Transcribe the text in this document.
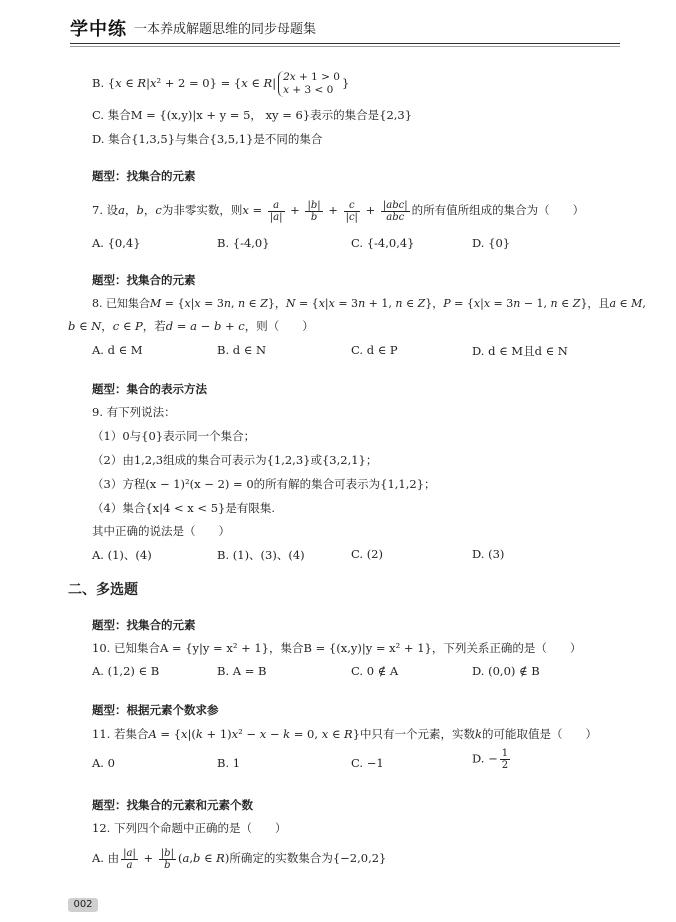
学中练 一本养成解题思维的同步母题集
B. {x ∈ R|x² + 2 = 0} = {x ∈ R| 2x + 1 > 0
x + 3 < 0 }
C. 集合M = {(x,y)|x + y = 5， xy = 6}表示的集合是{2,3}
D. 集合{1,3,5}与集合{3,5,1}是不同的集合
题型：找集合的元素
7. 设a，b，c为非零实数，则$x = \frac{a}{|a|} + \frac{|b|}{b} + \frac{c}{|c|} + \frac{\text{|abc|}}{\text{abc}}$ 的所有值所组成的集合为（　　）
A. {0,4}	B. {-4,0}	C. {-4,0,4}	D. {0}
题型：找集合的元素
8. 已知集合M = {x|x = 3n, n ∈ Z}，N = {x|x = 3n + 1, n ∈ Z}，P = {x|x = 3n − 1, n ∈ Z}，且a ∈ M,
b ∈ N，c ∈ P，若d = a − b + c，则（　　）
A. d ∈ M	B. d ∈ N	C. d ∈ P	D. d ∈ M且d ∈ N
题型：集合的表示方法
9. 有下列说法：
（1）0与{0}表示同一个集合；
（2）由1,2,3组成的集合可表示为{1,2,3}或{3,2,1}；
（3）方程(x − 1)²(x − 2) = 0的所有解的集合可表示为{1,1,2}；
（4）集合{x|4 < x < 5}是有限集.
其中正确的说法是（　　）
A. (1)、(4)	B. (1)、(3)、(4)	C. (2)	D. (3)
二、多选题
题型：找集合的元素
10. 已知集合A = {y|y = x² + 1}，集合B = {(x,y)|y = x² + 1}，下列关系正确的是（　　）
A. (1,2) ∈ B	B. A = B	C. 0 ∉ A	D. (0,0) ∉ B
题型：根据元素个数求参
11. 若集合A = {x|(k + 1)x² − x − k = 0, x ∈ R}中只有一个元素，实数k的可能取值是（　　）
A. 0	B. 1	C. −1	D. − $\frac{1}{2}$
题型：找集合的元素和元素个数
12. 下列四个命题中正确的是（　　）
A. 由 $\frac{|a|}{a} + \frac{|b|}{b} (a,b$ ∈ R)所确定的实数集合为{−2,0,2}
002
